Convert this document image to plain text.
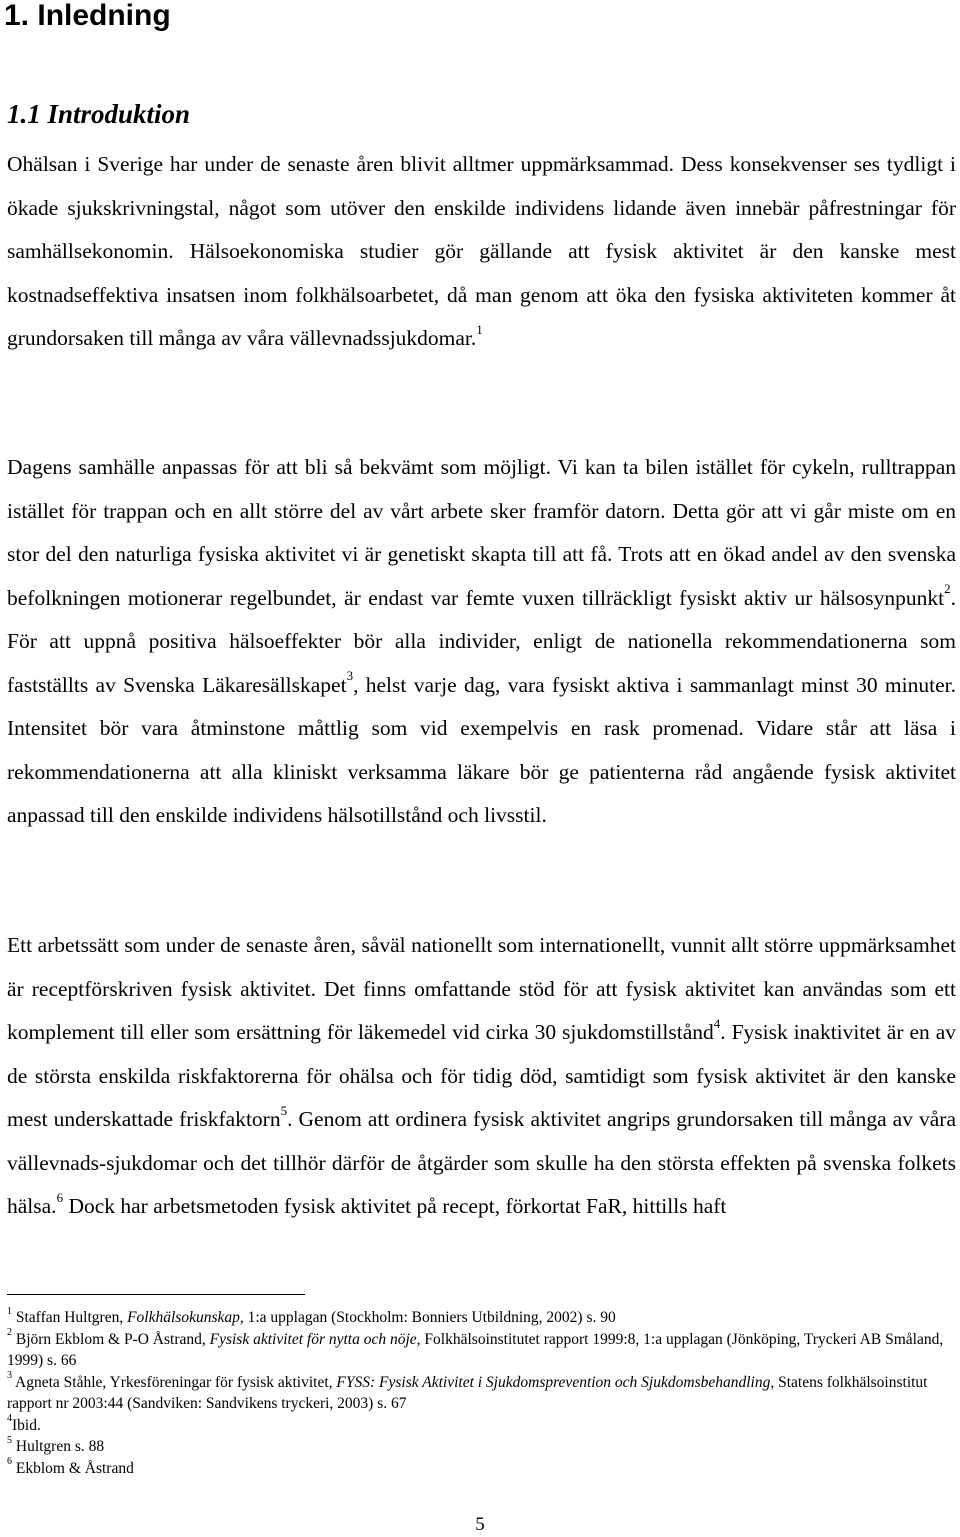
1. Inledning
1.1 Introduktion

Ohälsan i Sverige har under de senaste åren blivit alltmer uppmärksammad. Dess konsekvenser ses tydligt i ökade sjukskrivningstal, något som utöver den enskilde individens lidande även innebär påfrestningar för samhällsekonomin. Hälsoekonomiska studier gör gällande att fysisk aktivitet är den kanske mest kostnadseffektiva insatsen inom folkhälsoarbetet, då man genom att öka den fysiska aktiviteten kommer åt grundorsaken till många av våra vällevnadssjukdomar.$^1$

Dagens samhälle anpassas för att bli så bekvämt som möjligt. Vi kan ta bilen istället för cykeln, rulltrappan istället för trappan och en allt större del av vårt arbete sker framför datorn. Detta gör att vi går miste om en stor del den naturliga fysiska aktivitet vi är genetiskt skapta till att få. Trots att en ökad andel av den svenska befolkningen motionerar regelbundet, är endast var femte vuxen tillräckligt fysiskt aktiv ur hälsosynpunkt$^2$. För att uppnå positiva hälsoeffekter bör alla individer, enligt de nationella rekommendationerna som fastställts av Svenska Läkaresällskapet$^3$, helst varje dag, vara fysiskt aktiva i sammanlagt minst 30 minuter. Intensitet bör vara åtminstone måttlig som vid exempelvis en rask promenad. Vidare står att läsa i rekommendationerna att alla kliniskt verksamma läkare bör ge patienterna råd angående fysisk aktivitet anpassad till den enskilde individens hälsotillstånd och livsstil.

Ett arbetssätt som under de senaste åren, såväl nationellt som internationellt, vunnit allt större uppmärksamhet är receptförskriven fysisk aktivitet. Det finns omfattande stöd för att fysisk aktivitet kan användas som ett komplement till eller som ersättning för läkemedel vid cirka 30 sjukdomstillstånd$^4$. Fysisk inaktivitet är en av de största enskilda riskfaktorerna för ohälsa och för tidig död, samtidigt som fysisk aktivitet är den kanske mest underskattade friskfaktorn$^5$. Genom att ordinera fysisk aktivitet angrips grundorsaken till många av våra vällevnads-sjukdomar och det tillhör därför de åtgärder som skulle ha den största effekten på svenska folkets hälsa.$^6$ Dock har arbetsmetoden fysisk aktivitet på recept, förkortat FaR, hittills haft

$^1$ Staffan Hultgren, Folkhälsokunskap, 1:a upplagan (Stockholm: Bonniers Utbildning, 2002) s. 90

$^2$ Björn Ekblom & P-O Åstrand, Fysisk aktivitet för nytta och nöje, Folkhälsoinstitutet rapport 1999:8, 1:a upplagan (Jönköping, Tryckeri AB Småland, 1999) s. 66

$^3$ Agneta Ståhle, Yrkesföreningar för fysisk aktivitet, FYSS: Fysisk Aktivitet i Sjukdomsprevention och Sjukdomsbehandling, Statens folkhälsoinstitut rapport nr 2003:44 (Sandviken: Sandvikens tryckeri, 2003) s. 67

$^4$Ibid.

$^5$ Hultgren s. 88

$^6$ Ekblom & Åstrand

5
